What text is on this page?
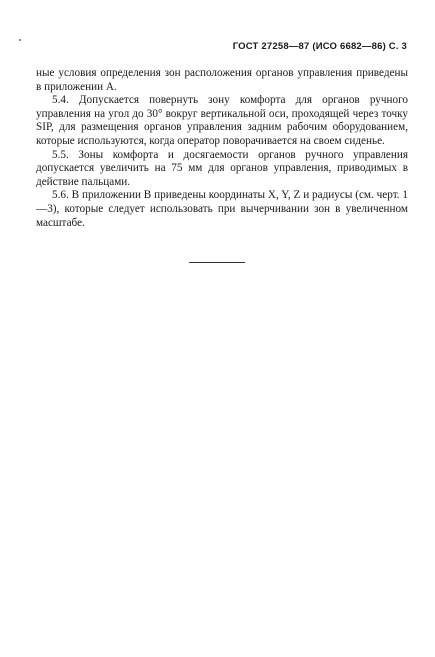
ГОСТ 27258—87 (ИСО 6682—86) С. 3

ные условия определения зон расположения органов управления приведены в приложении А.

5.4. Допускается повернуть зону комфорта для органов ручного управления на угол до 30° вокруг вертикальной оси, проходящей через точку SIP, для размещения органов управления задним рабочим оборудованием, которые используются, когда оператор поворачивается на своем сиденье.

5.5. Зоны комфорта и досягаемости органов ручного управления допускается увеличить на 75 мм для органов управления, приводимых в действие пальцами.

5.6. В приложении В приведены координаты X, Y, Z и радиусы (см. черт. 1—3), которые следует использовать при вычерчивании зон в увеличенном масштабе.
